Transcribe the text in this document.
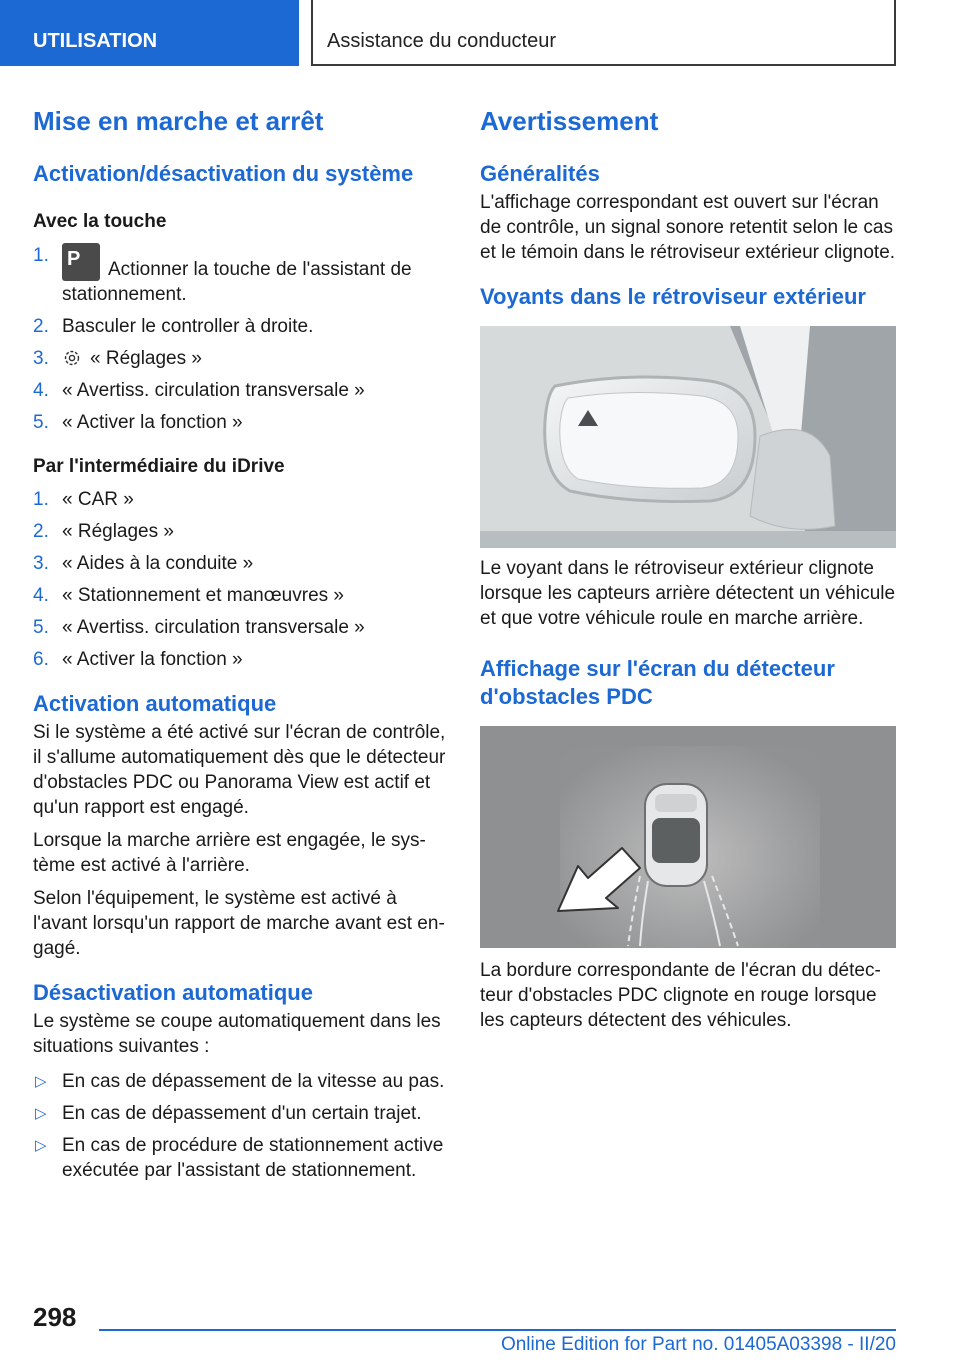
UTILISATION	Assistance du conducteur
Mise en marche et arrêt
Activation/désactivation du système
Avec la touche
1. P Actionner la touche de l'assistant de stationnement.
2. Basculer le controller à droite.
3. « Réglages »
4. « Avertiss. circulation transversale »
5. « Activer la fonction »
Par l'intermédiaire du iDrive
1. « CAR »
2. « Réglages »
3. « Aides à la conduite »
4. « Stationnement et manœuvres »
5. « Avertiss. circulation transversale »
6. « Activer la fonction »
Activation automatique

Si le système a été activé sur l'écran de contrôle, il s'allume automatiquement dès que le détecteur d'obstacles PDC ou Panorama View est actif et qu'un rapport est engagé.

Lorsque la marche arrière est engagée, le système est activé à l'arrière.

Selon l'équipement, le système est activé à l'avant lorsqu'un rapport de marche avant est engagé.

Désactivation automatique

Le système se coupe automatiquement dans les situations suivantes :

▷ En cas de dépassement de la vitesse au pas.
▷ En cas de dépassement d'un certain trajet.
▷ En cas de procédure de stationnement active exécutée par l'assistant de stationnement.
Avertissement
Généralités

L'affichage correspondant est ouvert sur l'écran de contrôle, un signal sonore retentit selon le cas et le témoin dans le rétroviseur extérieur clignote.

Voyants dans le rétroviseur extérieur

Le voyant dans le rétroviseur extérieur clignote lorsque les capteurs arrière détectent un véhicule et que votre véhicule roule en marche arrière.

Affichage sur l'écran du détecteur d'obstacles PDC

La bordure correspondante de l'écran du détecteur d'obstacles PDC clignote en rouge lorsque les capteurs détectent des véhicules.

298
Online Edition for Part no. 01405A03398 - II/20
